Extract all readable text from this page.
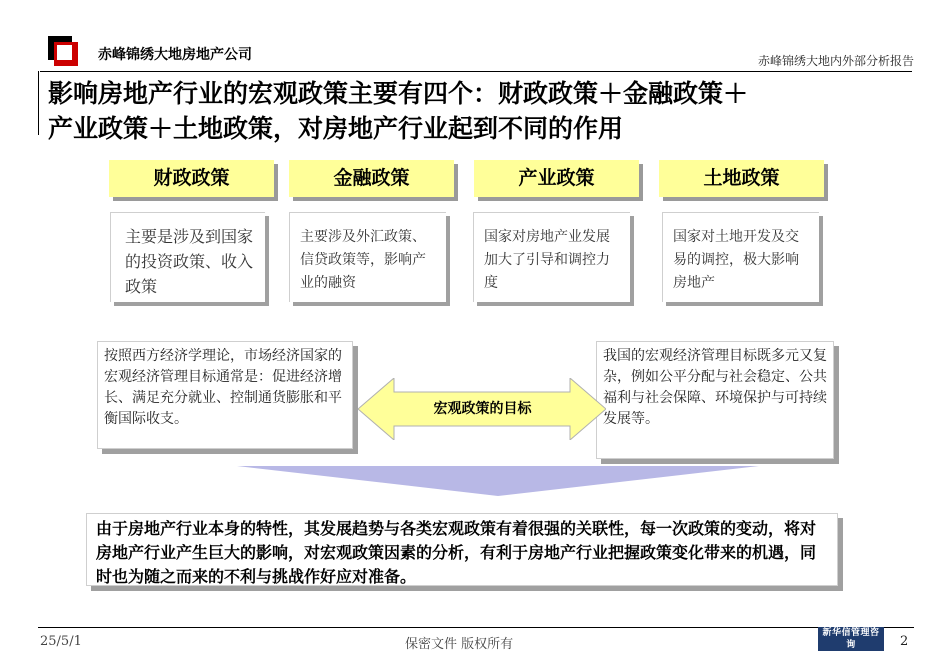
赤峰锦绣大地房地产公司	赤峰锦绣大地内外部分析报告
影响房地产行业的宏观政策主要有四个：财政政策＋金融政策＋
产业政策＋土地政策，对房地产行业起到不同的作用
财政政策	金融政策	产业政策	土地政策
主要是涉及到国家的投资政策、收入政策
主要涉及外汇政策、信贷政策等，影响产业的融资
国家对房地产业发展加大了引导和调控力度
国家对土地开发及交易的调控，极大影响房地产
按照西方经济学理论，市场经济国家的宏观经济管理目标通常是：促进经济增长、满足充分就业、控制通货膨胀和平衡国际收支。
我国的宏观经济管理目标既多元又复杂，例如公平分配与社会稳定、公共福利与社会保障、环境保护与可持续发展等。
宏观政策的目标
由于房地产行业本身的特性，其发展趋势与各类宏观政策有着很强的关联性，每一次政策的变动，将对房地产行业产生巨大的影响，对宏观政策因素的分析，有利于房地产行业把握政策变化带来的机遇，同时也为随之而来的不利与挑战作好应对准备。
25/5/1	保密文件 版权所有
新华信管理咨询
SINOTRUST
2
